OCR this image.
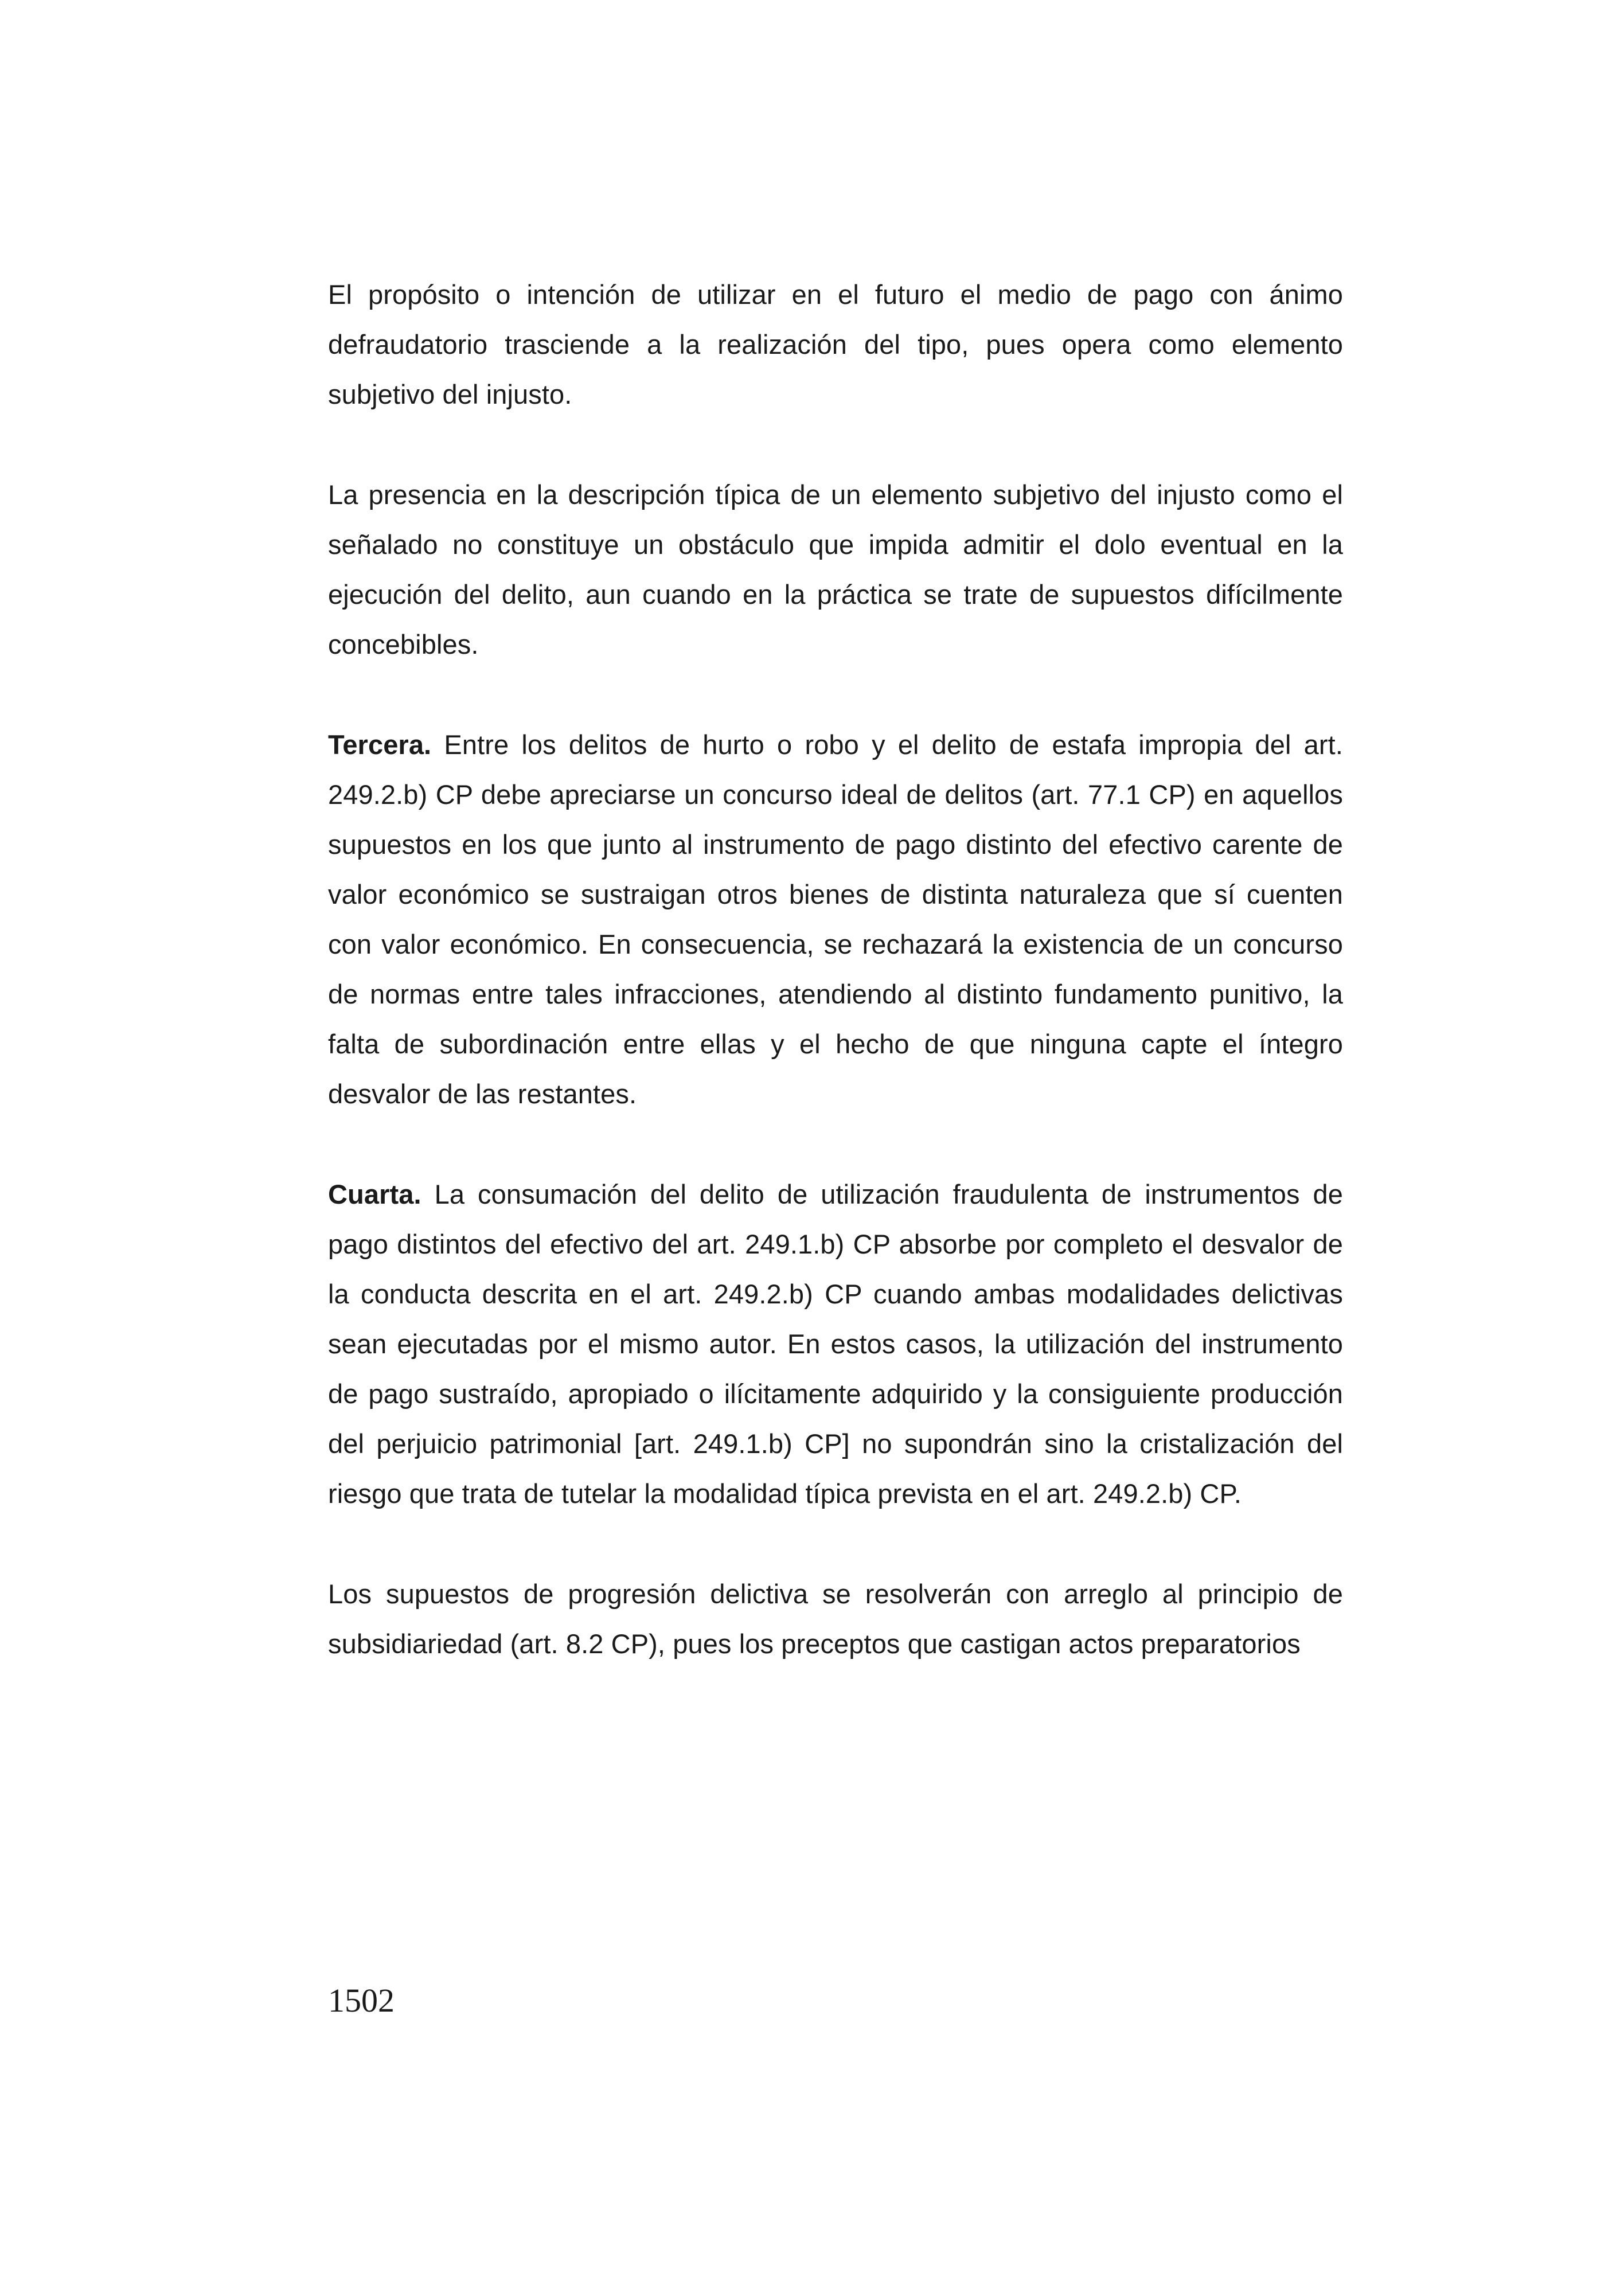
El propósito o intención de utilizar en el futuro el medio de pago con ánimo defraudatorio trasciende a la realización del tipo, pues opera como elemento subjetivo del injusto.

La presencia en la descripción típica de un elemento subjetivo del injusto como el señalado no constituye un obstáculo que impida admitir el dolo eventual en la ejecución del delito, aun cuando en la práctica se trate de supuestos difícilmente concebibles.

Tercera. Entre los delitos de hurto o robo y el delito de estafa impropia del art. 249.2.b) CP debe apreciarse un concurso ideal de delitos (art. 77.1 CP) en aquellos supuestos en los que junto al instrumento de pago distinto del efectivo carente de valor económico se sustraigan otros bienes de distinta naturaleza que sí cuenten con valor económico. En consecuencia, se rechazará la existencia de un concurso de normas entre tales infracciones, atendiendo al distinto fundamento punitivo, la falta de subordinación entre ellas y el hecho de que ninguna capte el íntegro desvalor de las restantes.

Cuarta. La consumación del delito de utilización fraudulenta de instrumentos de pago distintos del efectivo del art. 249.1.b) CP absorbe por completo el desvalor de la conducta descrita en el art. 249.2.b) CP cuando ambas modalidades delictivas sean ejecutadas por el mismo autor. En estos casos, la utilización del instrumento de pago sustraído, apropiado o ilícitamente adquirido y la consiguiente producción del perjuicio patrimonial [art. 249.1.b) CP] no supondrán sino la cristalización del riesgo que trata de tutelar la modalidad típica prevista en el art. 249.2.b) CP.

Los supuestos de progresión delictiva se resolverán con arreglo al principio de subsidiariedad (art. 8.2 CP), pues los preceptos que castigan actos preparatorios

1502
